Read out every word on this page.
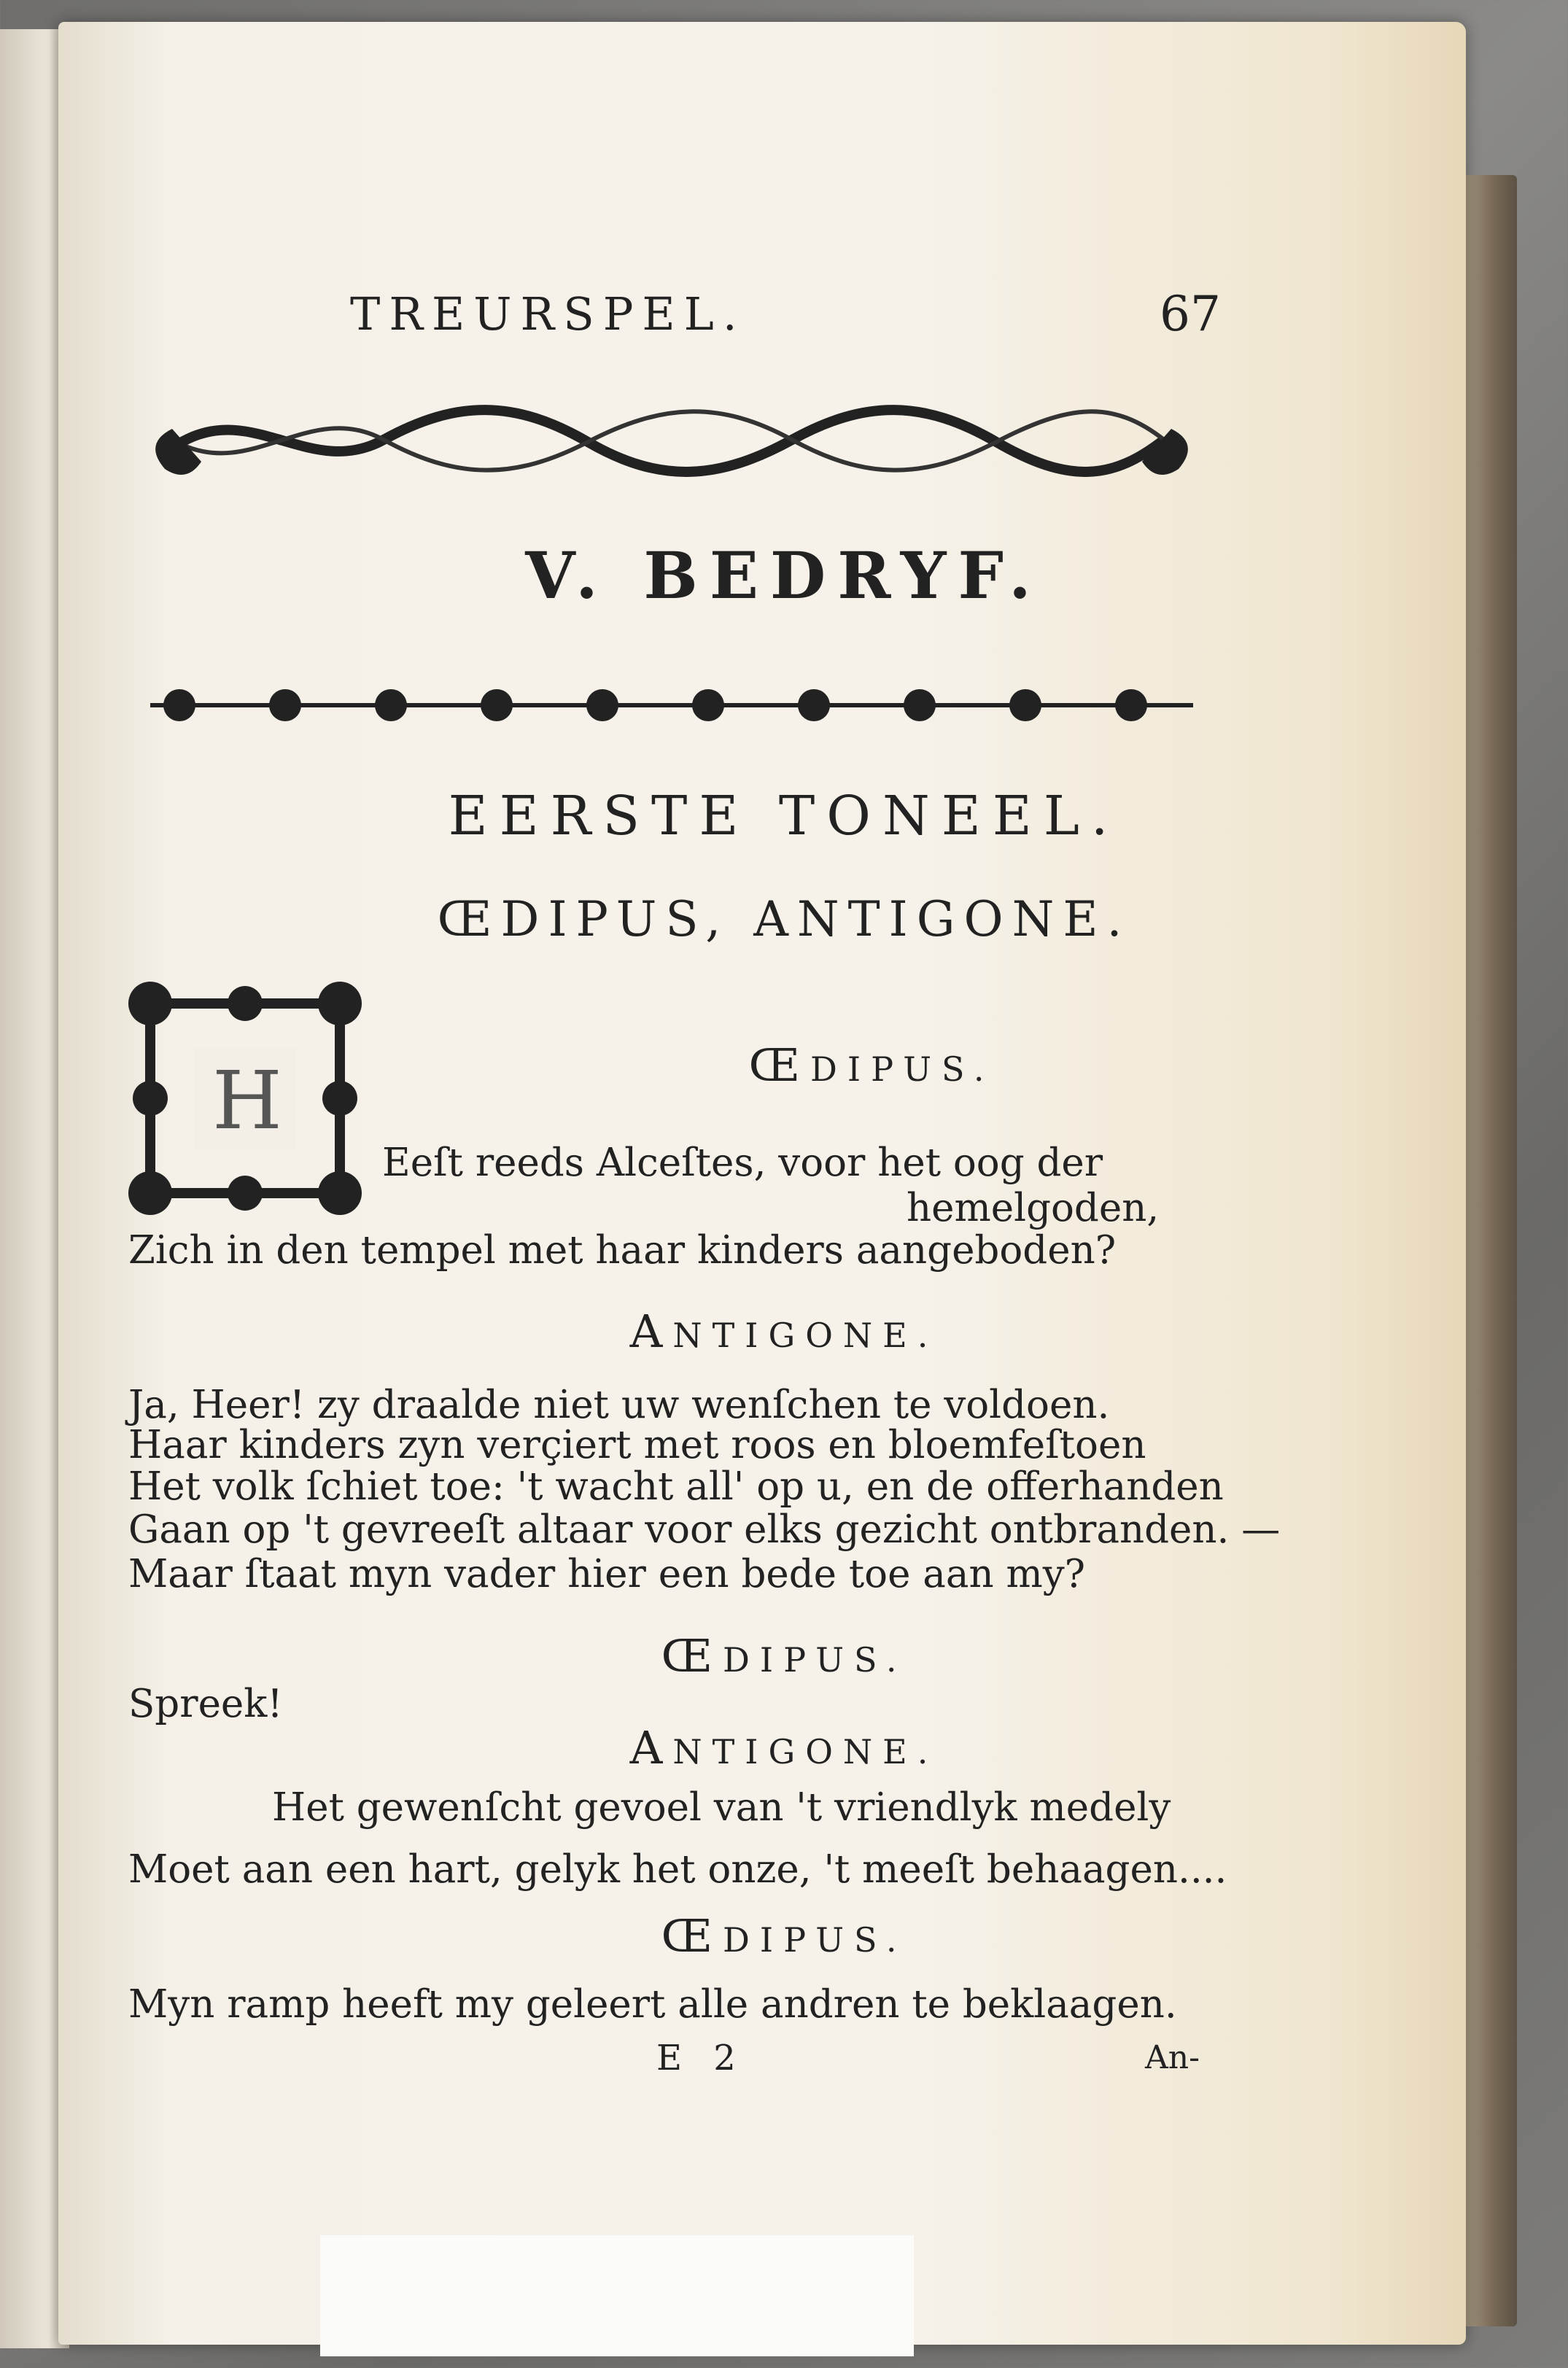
TREURSPEL.	67
V. BEDRYF.
EERSTE TONEEL.
ŒDIPUS, ANTIGONE.
H	ŒDIPUS.
Eeſt reeds Alceſtes, voor het oog der
hemelgoden,
Zich in den tempel met haar kinders aangeboden?
ANTIGONE.
Ja, Heer! zy draalde niet uw wenſchen te voldoen.
Haar kinders zyn verçiert met roos en bloemfeſtoen
Het volk ſchiet toe: 't wacht all' op u, en de offerhanden
Gaan op 't gevreeſt altaar voor elks gezicht ontbranden. —
Maar ſtaat myn vader hier een bede toe aan my?
ŒDIPUS.
Spreek!
ANTIGONE.
Het gewenſcht gevoel van 't vriendlyk medely
Moet aan een hart, gelyk het onze, 't meeſt behaagen....
ŒDIPUS.
Myn ramp heeft my geleert alle andren te beklaagen.
E 2	An-
